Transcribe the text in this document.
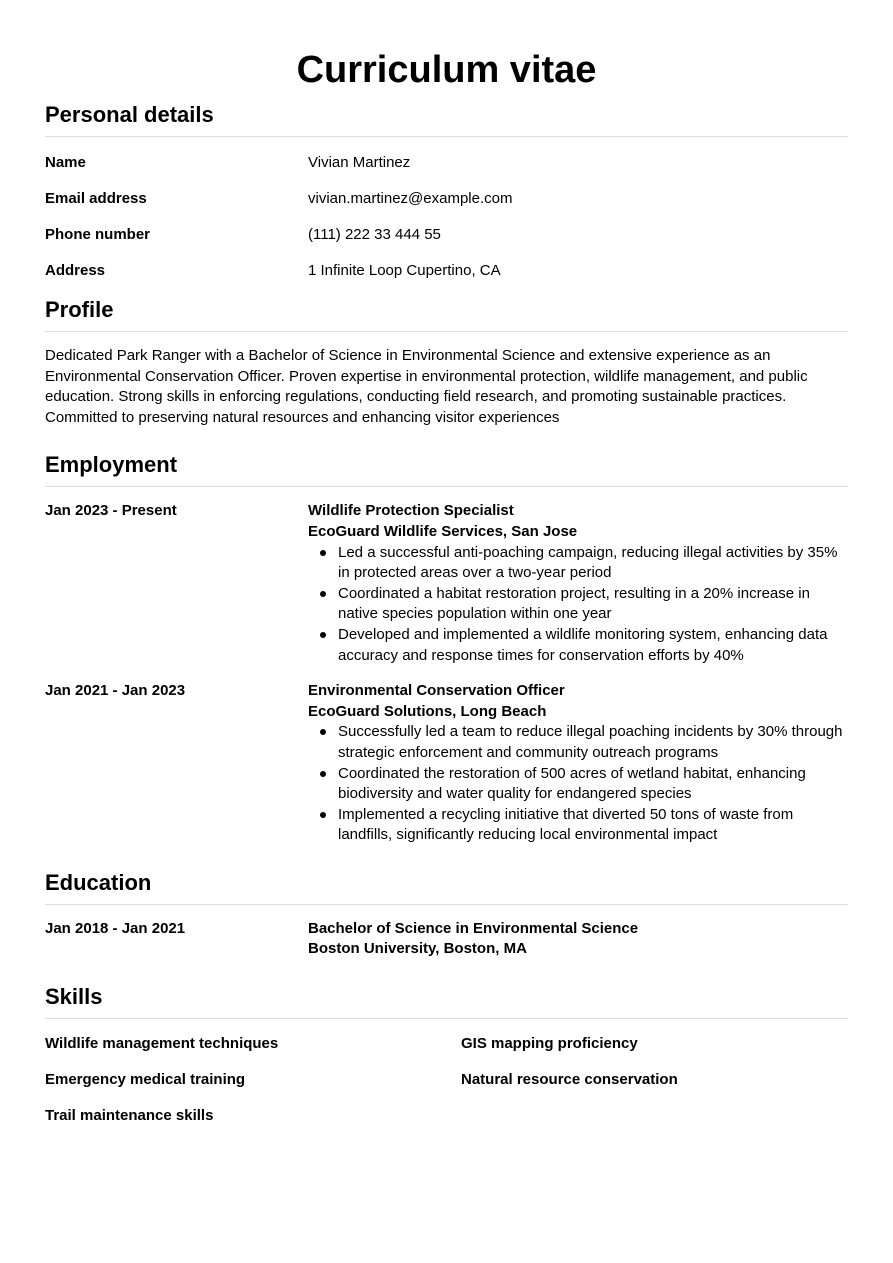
Curriculum vitae
Personal details
Name	Vivian Martinez
Email address	vivian.martinez@example.com
Phone number	(111) 222 33 444 55
Address	1 Infinite Loop Cupertino, CA
Profile

Dedicated Park Ranger with a Bachelor of Science in Environmental Science and extensive experience as an Environmental Conservation Officer. Proven expertise in environmental protection, wildlife management, and public education. Strong skills in enforcing regulations, conducting field research, and promoting sustainable practices. Committed to preserving natural resources and enhancing visitor experiences

Employment
Jan 2023 - Present	Wildlife Protection Specialist
EcoGuard Wildlife Services, San Jose
Led a successful anti-poaching campaign, reducing illegal activities by 35% in protected areas over a two-year period
Coordinated a habitat restoration project, resulting in a 20% increase in native species population within one year
Developed and implemented a wildlife monitoring system, enhancing data accuracy and response times for conservation efforts by 40%
Jan 2021 - Jan 2023	Environmental Conservation Officer
EcoGuard Solutions, Long Beach
Successfully led a team to reduce illegal poaching incidents by 30% through strategic enforcement and community outreach programs
Coordinated the restoration of 500 acres of wetland habitat, enhancing biodiversity and water quality for endangered species
Implemented a recycling initiative that diverted 50 tons of waste from landfills, significantly reducing local environmental impact
Education
Jan 2018 - Jan 2021	Bachelor of Science in Environmental Science
Boston University, Boston, MA
Skills
Wildlife management techniques	GIS mapping proficiency
Emergency medical training	Natural resource conservation
Trail maintenance skills
